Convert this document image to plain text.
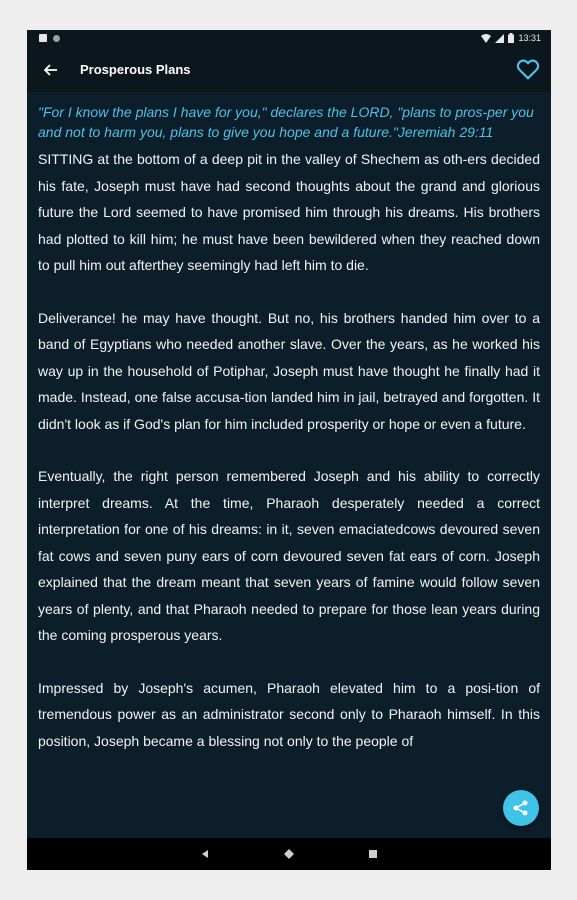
13:31
Prosperous Plans

"For I know the plans I have for you," declares the LORD, "plans to pros-per you and not to harm you, plans to give you hope and a future."Jeremiah 29:11

SITTING at the bottom of a deep pit in the valley of Shechem as oth-ers decided his fate, Joseph must have had second thoughts about the grand and glorious future the Lord seemed to have promised him through his dreams. His brothers had plotted to kill him; he must have been bewildered when they reached down to pull him out afterthey seemingly had left him to die.

Deliverance! he may have thought. But no, his brothers handed him over to a band of Egyptians who needed another slave. Over the years, as he worked his way up in the household of Potiphar, Joseph must have thought he finally had it made. Instead, one false accusa-tion landed him in jail, betrayed and forgotten. It didn't look as if God's plan for him included prosperity or hope or even a future.

Eventually, the right person remembered Joseph and his ability to correctly interpret dreams. At the time, Pharaoh desperately needed a correct interpretation for one of his dreams: in it, seven emaciatedcows devoured seven fat cows and seven puny ears of corn devoured seven fat ears of corn. Joseph explained that the dream meant that seven years of famine would follow seven years of plenty, and that Pharaoh needed to prepare for those lean years during the coming prosperous years.

Impressed by Joseph's acumen, Pharaoh elevated him to a posi-tion of tremendous power as an administrator second only to Pharaoh himself. In this position, Joseph became a blessing not only to the people of
